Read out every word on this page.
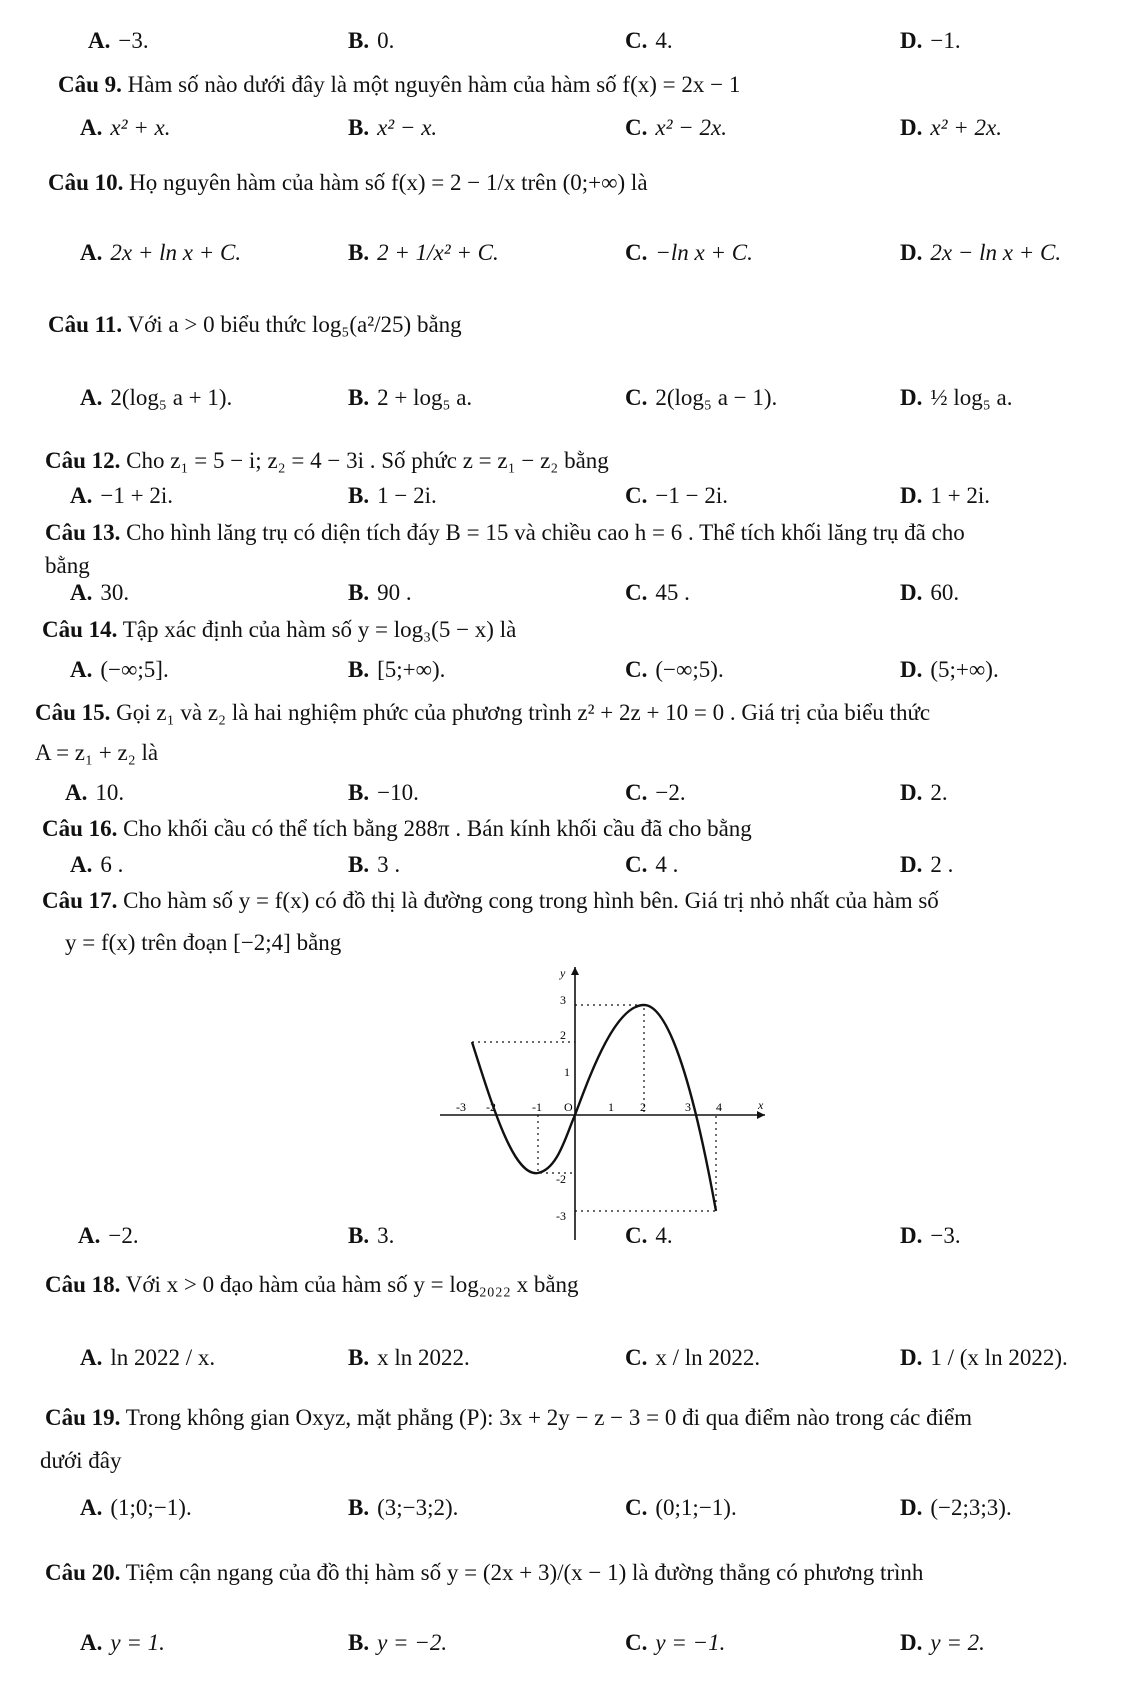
A. −3.	B. 0.	C. 4.	D. −1.
Câu 9. Hàm số nào dưới đây là một nguyên hàm của hàm số f(x) = 2x − 1
A. x² + x.	B. x² − x.	C. x² − 2x.	D. x² + 2x.
Câu 10. Họ nguyên hàm của hàm số f(x) = 2 − 1/x trên (0;+∞) là
A. 2x + ln x + C.	B. 2 + 1/x² + C.	C. −ln x + C.	D. 2x − ln x + C.
Câu 11. Với a > 0 biểu thức log₅(a²/25) bằng
A. 2(log₅ a + 1).	B. 2 + log₅ a.	C. 2(log₅ a − 1).	D. ½ log₅ a.
Câu 12. Cho z₁ = 5 − i; z₂ = 4 − 3i . Số phức z = z₁ − z₂ bằng
A. −1 + 2i.	B. 1 − 2i.	C. −1 − 2i.	D. 1 + 2i.
Câu 13. Cho hình lăng trụ có diện tích đáy B = 15 và chiều cao h = 6 . Thể tích khối lăng trụ đã cho
bằng
A. 30.	B. 90 .	C. 45 .	D. 60.
Câu 14. Tập xác định của hàm số y = log₃(5 − x) là
A. (−∞;5].	B. [5;+∞).	C. (−∞;5).	D. (5;+∞).
Câu 15. Gọi z₁ và z₂ là hai nghiệm phức của phương trình z² + 2z + 10 = 0 . Giá trị của biểu thức
A = z₁ + z₂ là
A. 10.	B. −10.	C. −2.	D. 2.
Câu 16. Cho khối cầu có thể tích bằng 288π . Bán kính khối cầu đã cho bằng
A. 6 .	B. 3 .	C. 4 .	D. 2 .
Câu 17. Cho hàm số y = f(x) có đồ thị là đường cong trong hình bên. Giá trị nhỏ nhất của hàm số
y = f(x) trên đoạn [−2;4] bằng
y
x
-3 -2	-1 O	1 2	3 4
3
2
1
-2
-3
A. −2.	B. 3.	C. 4.	D. −3.
Câu 18. Với x > 0 đạo hàm của hàm số y = log₂₀₂₂ x bằng
A. ln 2022 / x.	B. x ln 2022.	C. x / ln 2022.	D. 1 / (x ln 2022).
Câu 19. Trong không gian Oxyz, mặt phẳng (P): 3x + 2y − z − 3 = 0 đi qua điểm nào trong các điểm
dưới đây
A. (1;0;−1).	B. (3;−3;2).	C. (0;1;−1).	D. (−2;3;3).
Câu 20. Tiệm cận ngang của đồ thị hàm số y = (2x + 3)/(x − 1) là đường thẳng có phương trình
A. y = 1.	B. y = −2.	C. y = −1.	D. y = 2.
